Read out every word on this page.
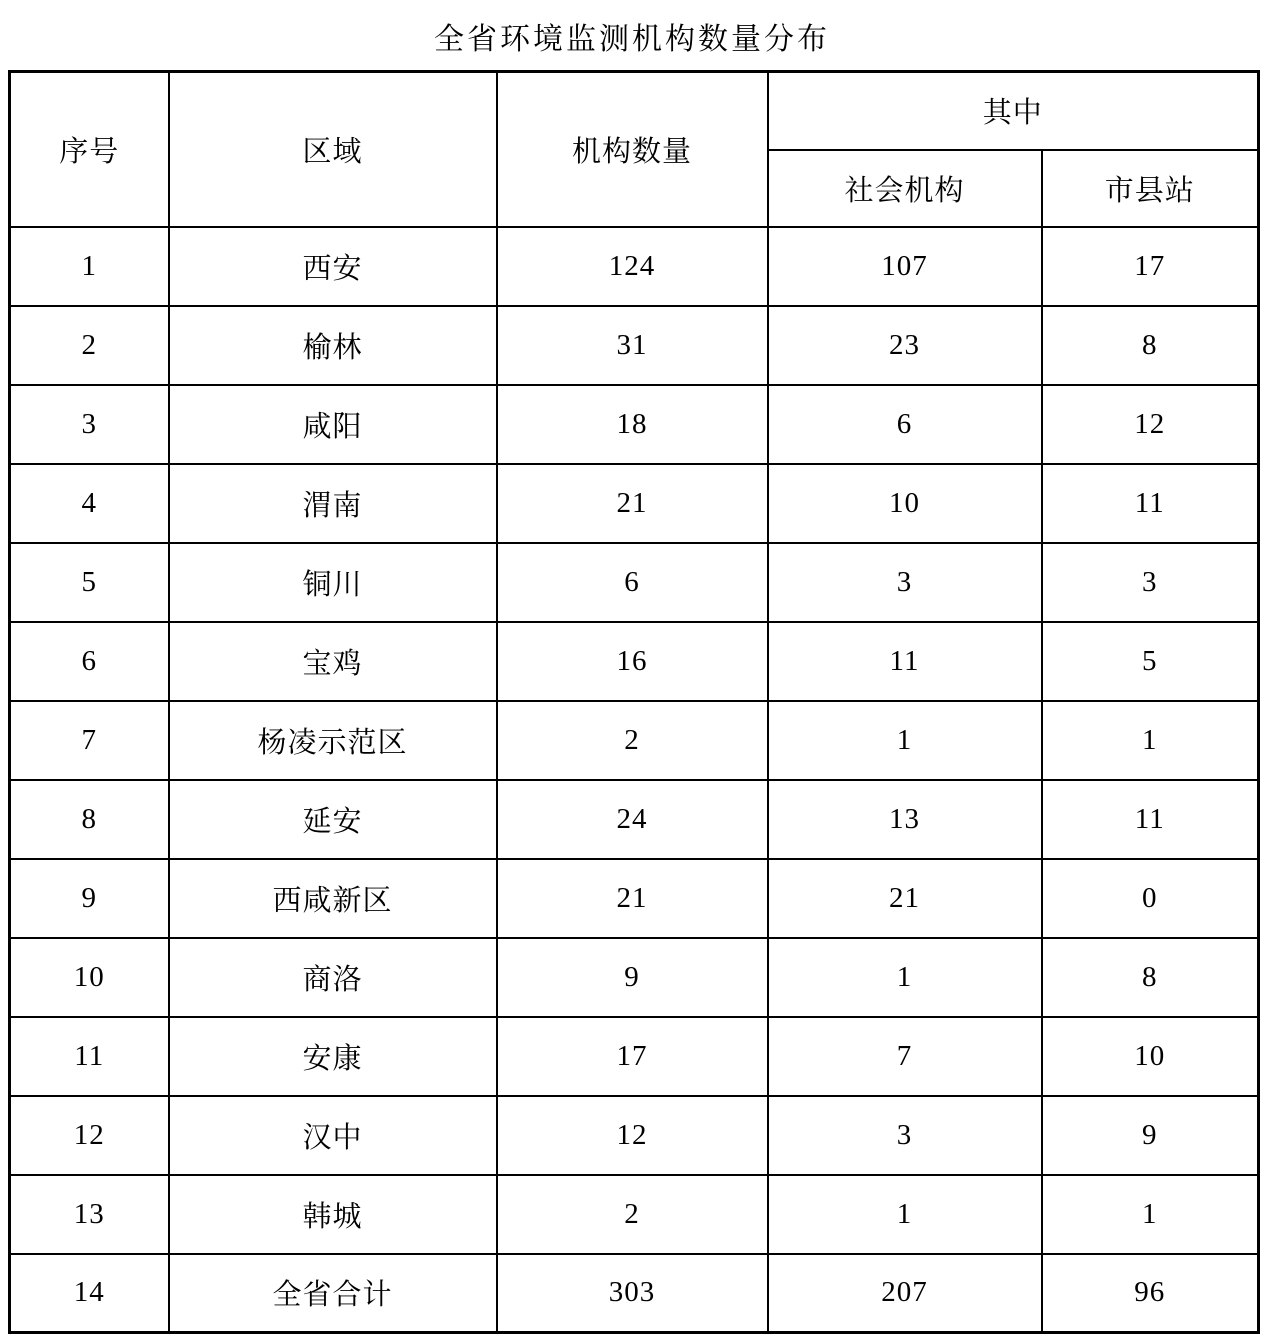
全省环境监测机构数量分布
序号	区域	机构数量	其中	
			社会机构	市县站
1	西安	124	107	17
2	榆林	31	23	8
3	咸阳	18	6	12
4	渭南	21	10	11
5	铜川	6	3	3
6	宝鸡	16	11	5
7	杨凌示范区	2	1	1
8	延安	24	13	11
9	西咸新区	21	21	0
10	商洛	9	1	8
11	安康	17	7	10
12	汉中	12	3	9
13	韩城	2	1	1
14	全省合计	303	207	96
